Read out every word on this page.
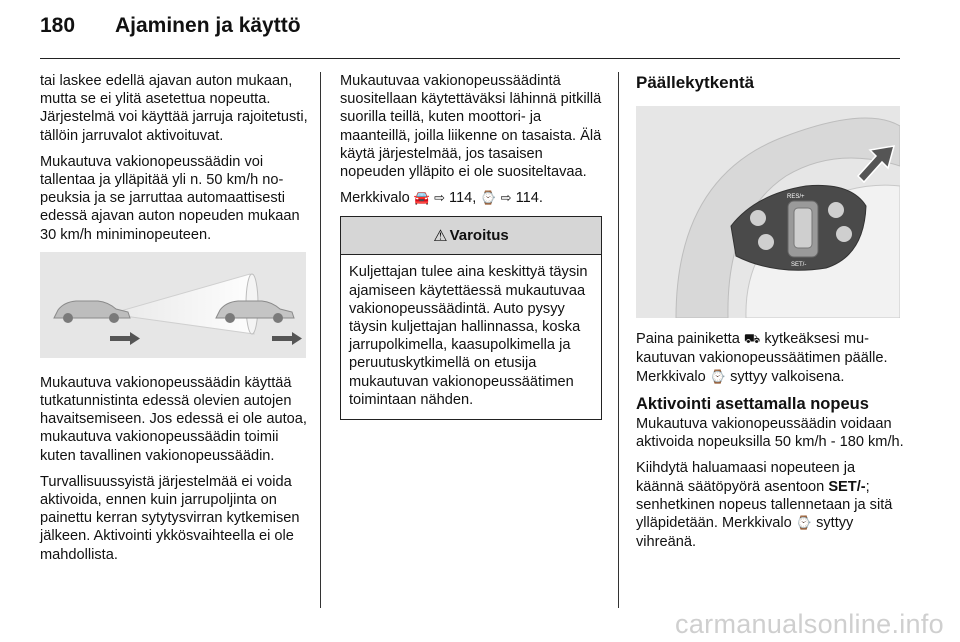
180	Ajaminen ja käyttö

tai laskee edellä ajavan auton mukaan, mutta se ei ylitä asetettua nopeutta. Järjestelmä voi käyttää jarruja rajoitetusti, tällöin jarruvalot aktivoituvat.

Mukautuva vakionopeussäädin voi tallentaa ja ylläpitää yli n. 50 km/h nopeuksia ja se jarruttaa automaattisesti edessä ajavan auton nopeuden mukaan 30 km/h miniminopeuteen.

Mukautuva vakionopeussäädin käyttää tutkatunnistinta edessä olevien autojen havaitsemiseen. Jos edessä ei ole autoa, mukautuva vakionopeussäädin toimii kuten tavallinen vakionopeussäädin.

Turvallisuussyistä järjestelmää ei voida aktivoida, ennen kuin jarrupoljinta on painettu kerran sytytysvirran kytkemisen jälkeen. Aktivointi ykkösvaihteella ei ole mahdollista.

Mukautuvaa vakionopeussäädintä suositellaan käytettäväksi lähinnä pitkillä suorilla teillä, kuten moottori- ja maanteillä, joilla liikenne on tasaista. Älä käytä järjestelmää, jos tasaisen nopeuden ylläpito ei ole suositeltavaa.

Merkkivalo 🚘 ⇨ 114, ⌚ ⇨ 114.

⚠ Varoitus
Kuljettajan tulee aina keskittyä täysin ajamiseen käytettäessä mukautuvaa vakionopeussäädintä. Auto pysyy täysin kuljettajan hallinnassa, koska jarrupolkimella, kaasupolkimella ja peruutuskytkimellä on etusija mukautuvan vakionopeussäätimen toimintaan nähden.
Päällekytkentä
RES/+
SET/-

Paina painiketta ⛟ kytkeäksesi mukautuvan vakionopeussäätimen päälle. Merkkivalo ⌚ syttyy valkoisena.

Aktivointi asettamalla nopeus

Mukautuva vakionopeussäädin voidaan aktivoida nopeuksilla 50 km/h - 180 km/h.

Kiihdytä haluamaasi nopeuteen ja käännä säätöpyörä asentoon SET/-; senhetkinen nopeus tallennetaan ja sitä ylläpidetään. Merkkivalo ⌚ syttyy vihreänä.

carmanualsonline.info
